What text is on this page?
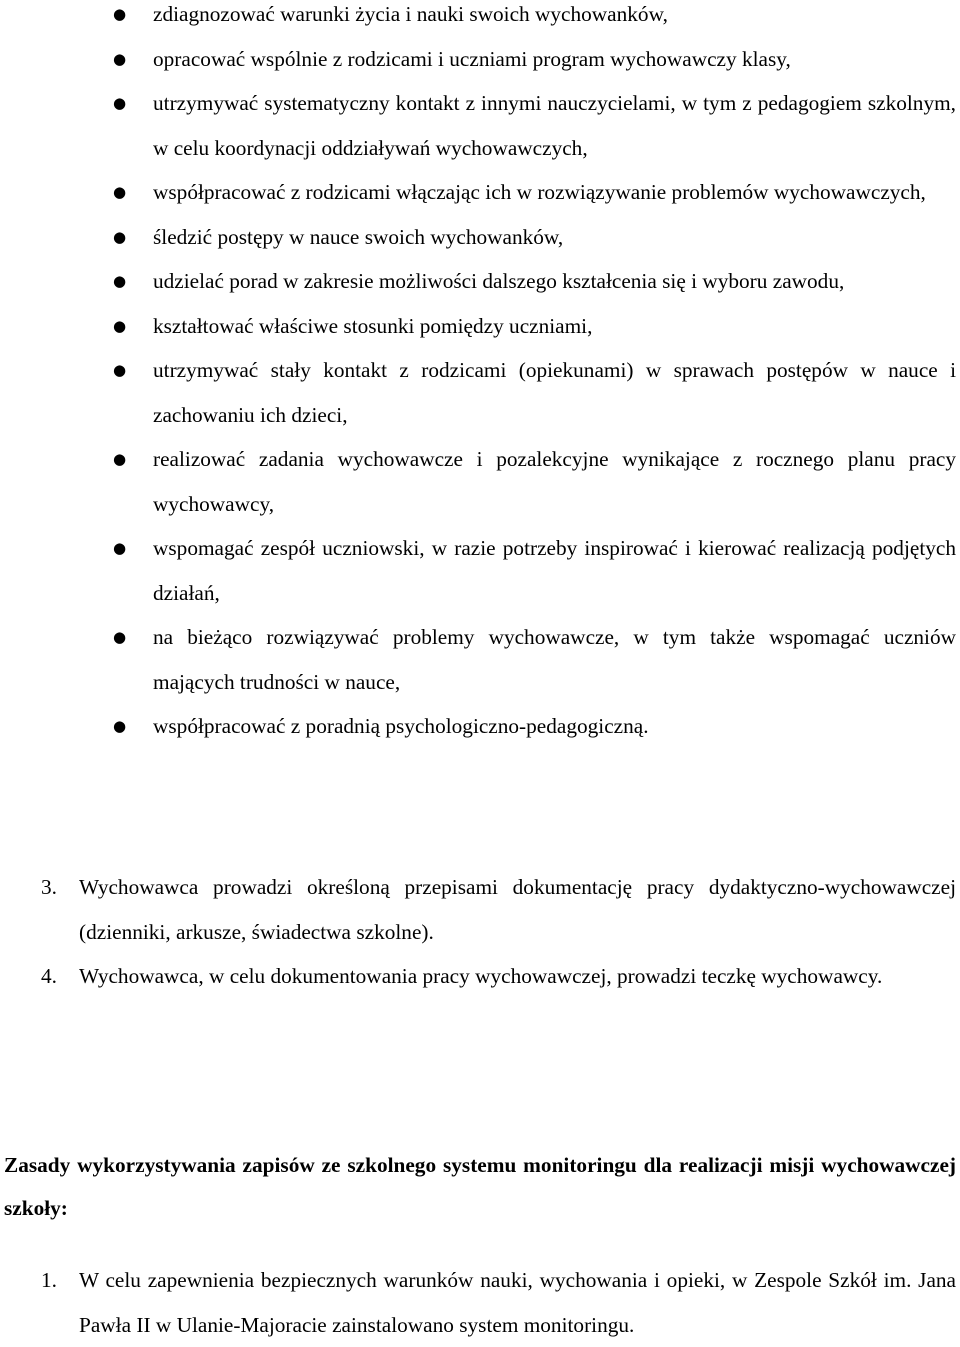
●	zdiagnozować warunki życia i nauki swoich wychowanków,
●	opracować wspólnie z rodzicami i uczniami program wychowawczy klasy,
●	utrzymywać systematyczny kontakt z innymi nauczycielami, w tym z pedagogiem szkolnym, w celu koordynacji oddziaływań wychowawczych,
●	współpracować z rodzicami włączając ich w rozwiązywanie problemów wychowawczych,
●	śledzić postępy w nauce swoich wychowanków,
●	udzielać porad w zakresie możliwości dalszego kształcenia się i wyboru zawodu,
●	kształtować właściwe stosunki pomiędzy uczniami,
●	utrzymywać stały kontakt z rodzicami (opiekunami) w sprawach postępów w nauce i zachowaniu ich dzieci,
●	realizować zadania wychowawcze i pozalekcyjne wynikające z rocznego planu pracy wychowawcy,
●	wspomagać zespół uczniowski, w razie potrzeby inspirować i kierować realizacją podjętych działań,
●	na bieżąco rozwiązywać problemy wychowawcze, w tym także wspomagać uczniów mających trudności w nauce,
●	współpracować z poradnią psychologiczno-pedagogiczną.
3. Wychowawca prowadzi określoną przepisami dokumentację pracy dydaktyczno-wychowawczej (dzienniki, arkusze, świadectwa szkolne).
4. Wychowawca, w celu dokumentowania pracy wychowawczej, prowadzi teczkę wychowawcy.
Zasady wykorzystywania zapisów ze szkolnego systemu monitoringu dla realizacji misji wychowawczej szkoły:
1. W celu zapewnienia bezpiecznych warunków nauki, wychowania i opieki, w Zespole Szkół im. Jana Pawła II w Ulanie-Majoracie zainstalowano system monitoringu.
